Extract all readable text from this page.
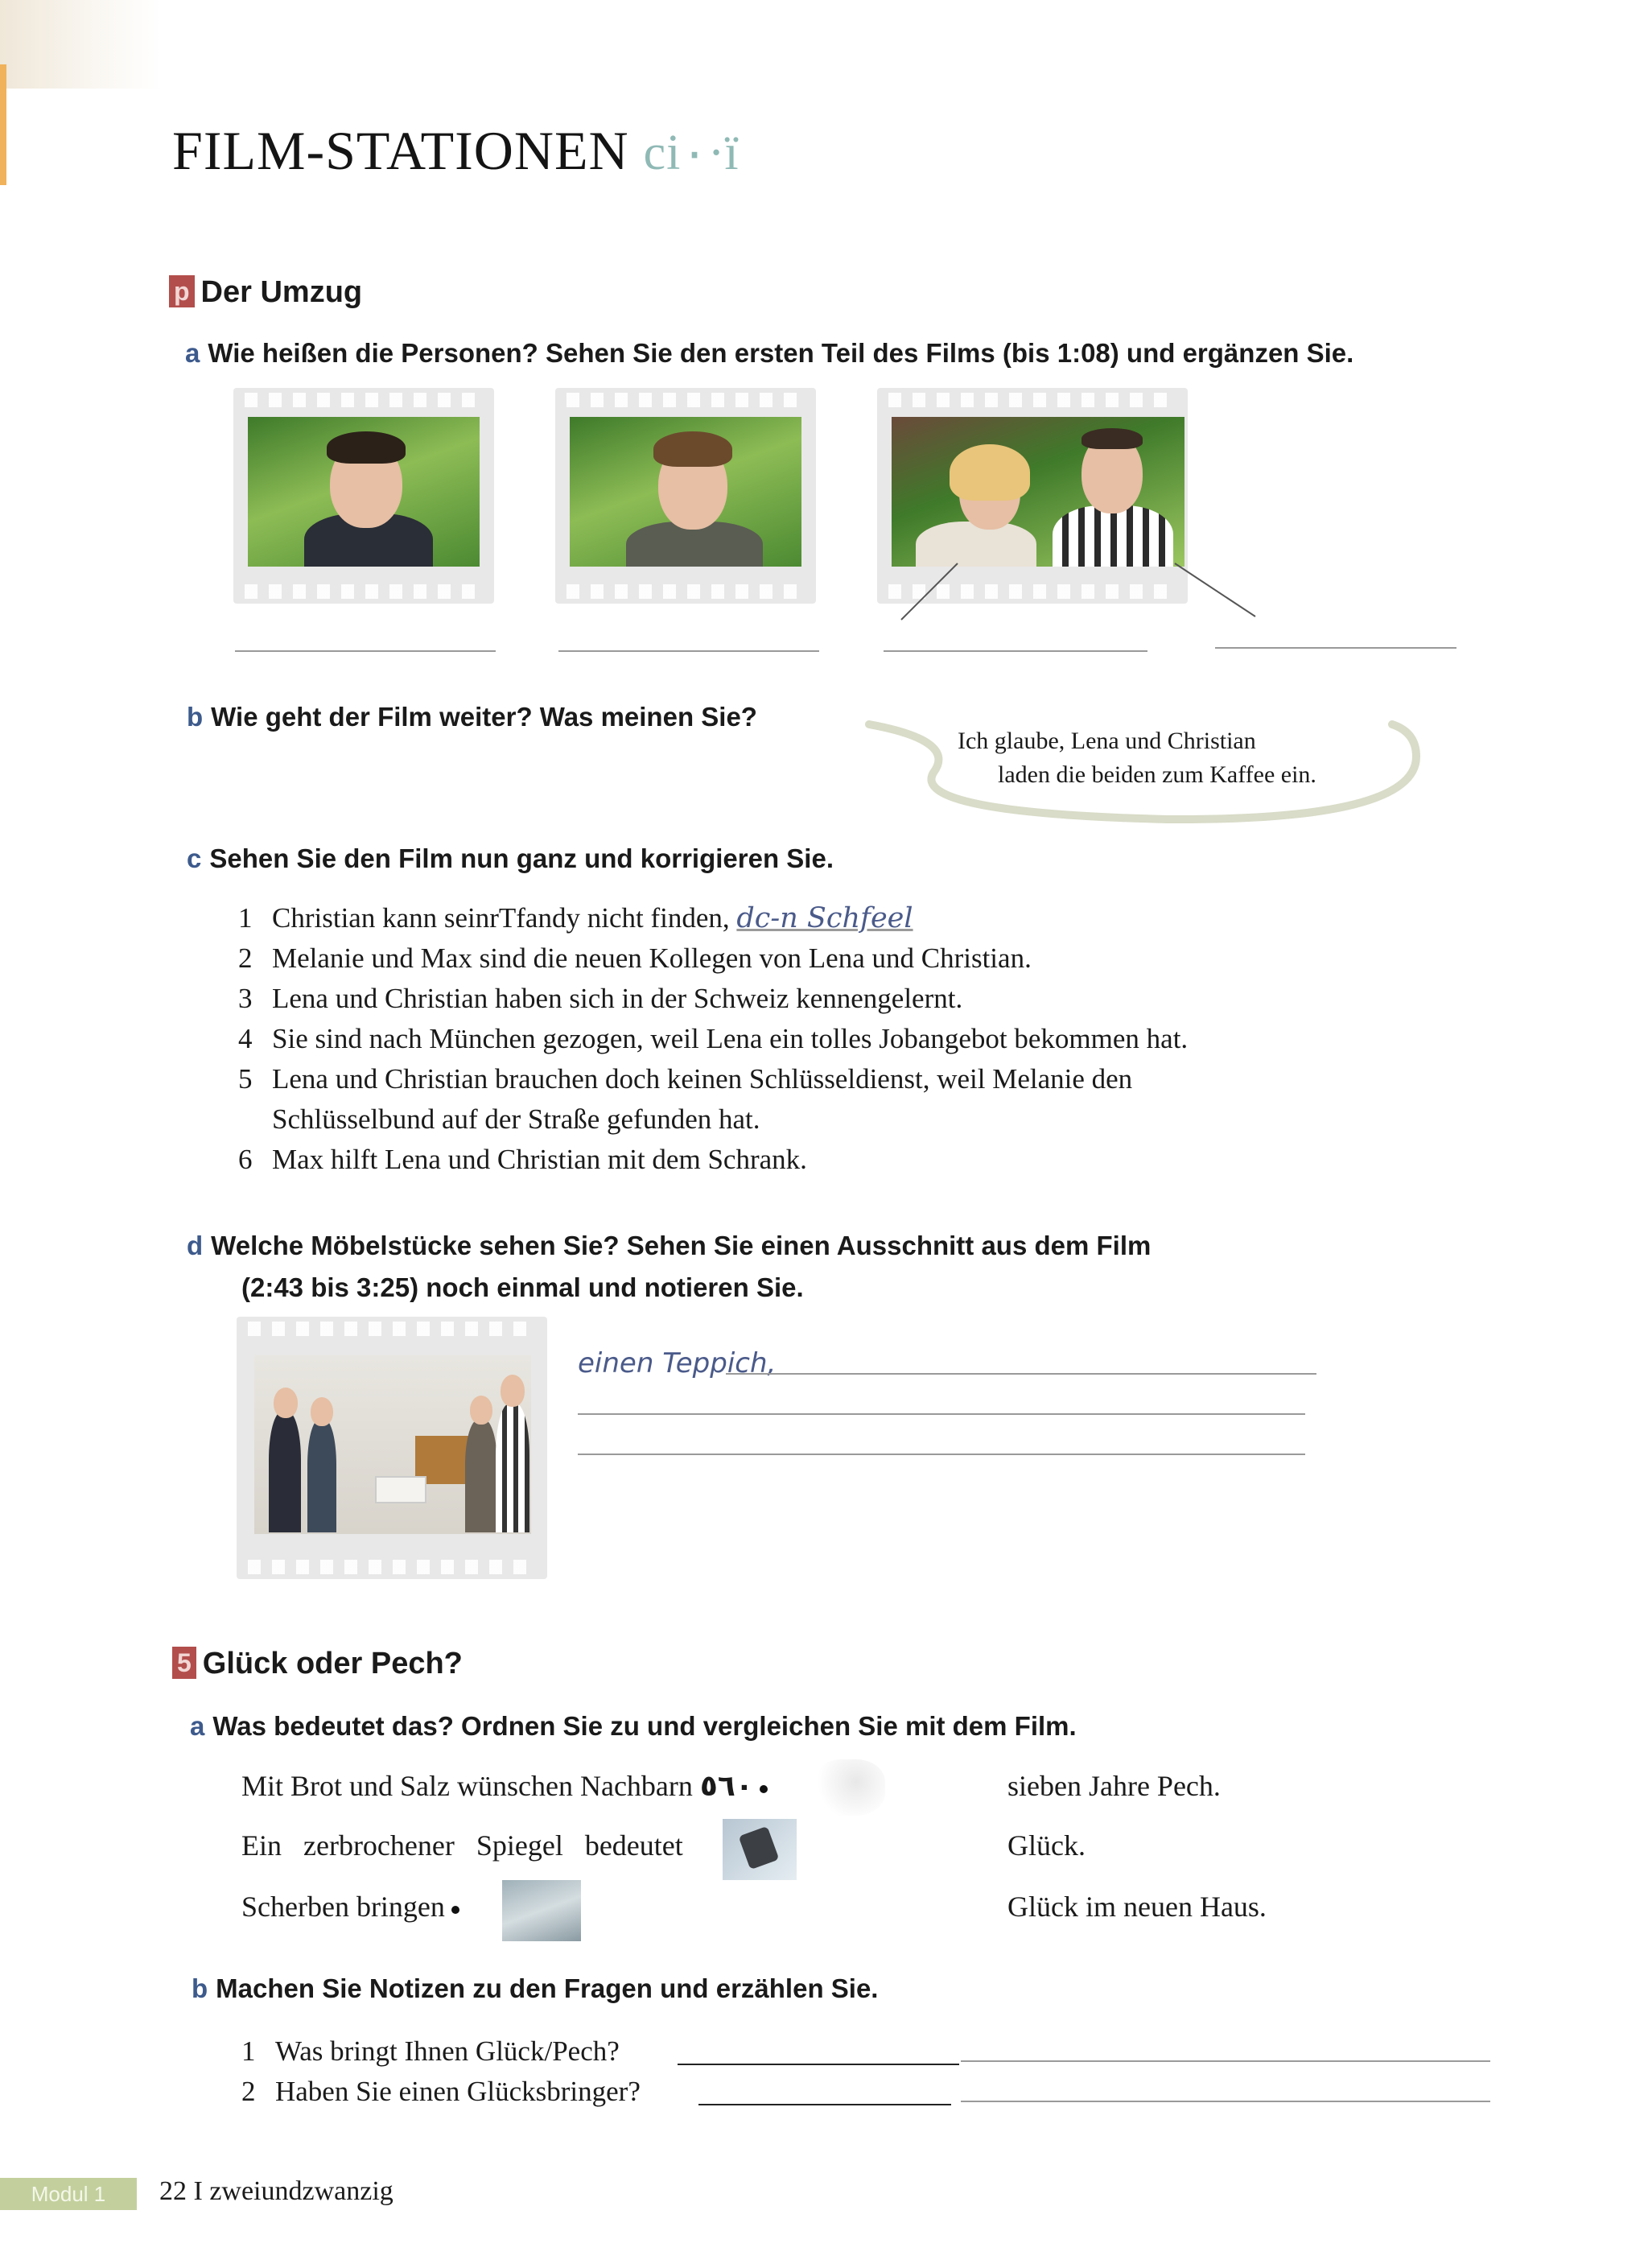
FILM-STATIONEN ci٠·ї
p Der Umzug
a Wie heißen die Personen? Sehen Sie den ersten Teil des Films (bis 1:08) und ergänzen Sie.
b Wie geht der Film weiter? Was meinen Sie?
Ich glaube, Lena und Christian
laden die beiden zum Kaffee ein.
c Sehen Sie den Film nun ganz und korrigieren Sie.
1 Christian kann seinrTfandy nicht finden, dc-n Schfeel
2 Melanie und Max sind die neuen Kollegen von Lena und Christian.
3 Lena und Christian haben sich in der Schweiz kennengelernt.
4 Sie sind nach München gezogen, weil Lena ein tolles Jobangebot bekommen hat.
5 Lena und Christian brauchen doch keinen Schlüsseldienst, weil Melanie den
Schlüsselbund auf der Straße gefunden hat.
6 Max hilft Lena und Christian mit dem Schrank.
d Welche Möbelstücke sehen Sie? Sehen Sie einen Ausschnitt aus dem Film
(2:43 bis 3:25) noch einmal und notieren Sie.
einen Teppich,
5 Glück oder Pech?
a Was bedeutet das? Ordnen Sie zu und vergleichen Sie mit dem Film.
Mit Brot und Salz wünschen Nachbarn ٥٦٠
Ein zerbrochener Spiegel bedeutet
Scherben bringen
sieben Jahre Pech.
Glück.
Glück im neuen Haus.
b Machen Sie Notizen zu den Fragen und erzählen Sie.
1 Was bringt Ihnen Glück/Pech?
2 Haben Sie einen Glücksbringer?
Modul 1	22 I zweiundzwanzig
